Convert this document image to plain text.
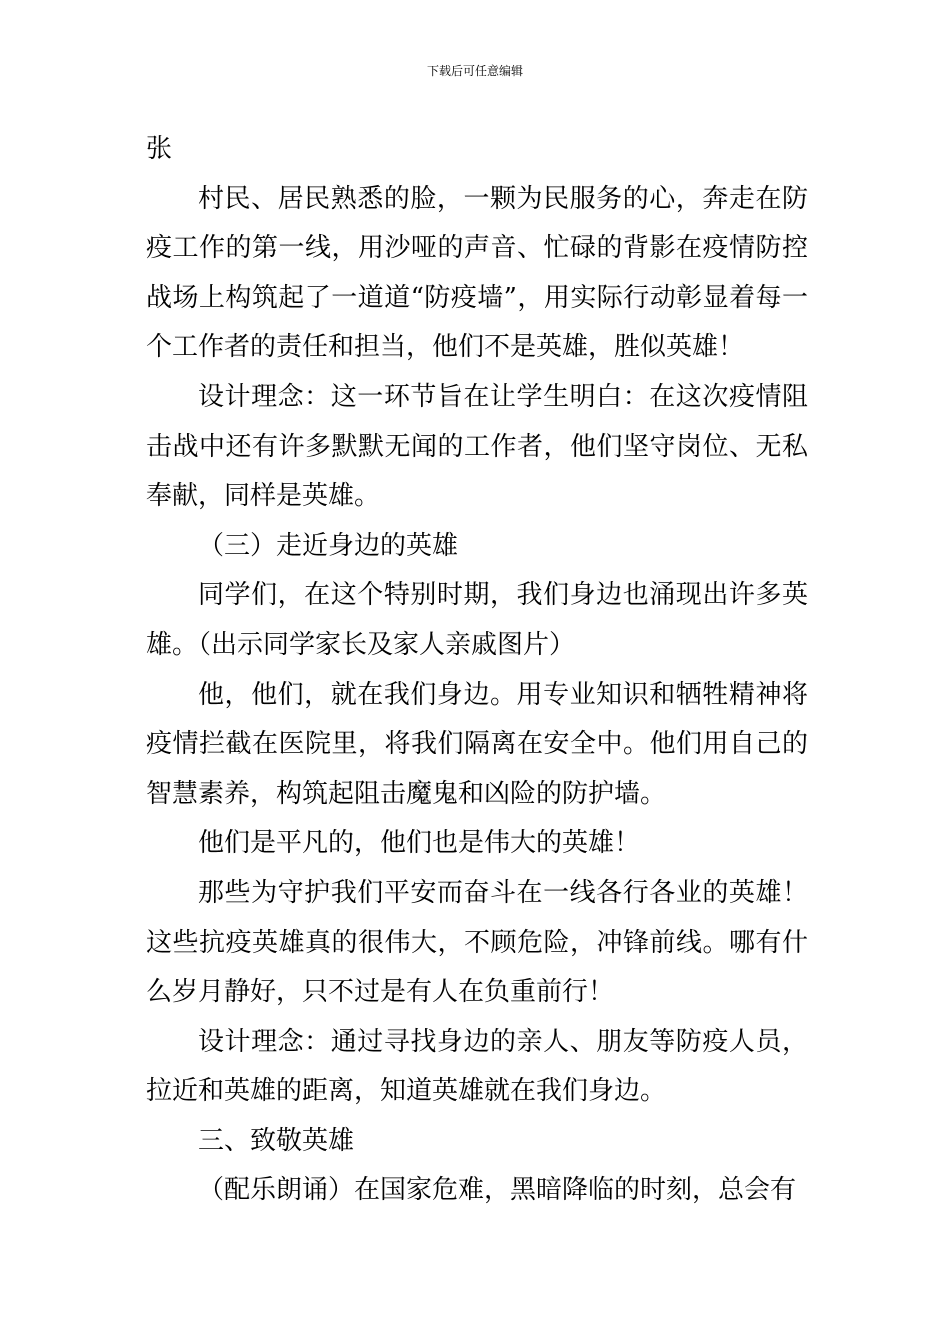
下载后可任意编辑

张

村民、居民熟悉的脸，一颗为民服务的心，奔走在防疫工作的第一线，用沙哑的声音、忙碌的背影在疫情防控战场上构筑起了一道道“防疫墙”，用实际行动彰显着每一个工作者的责任和担当，他们不是英雄，胜似英雄！

设计理念：这一环节旨在让学生明白：在这次疫情阻击战中还有许多默默无闻的工作者，他们坚守岗位、无私奉献，同样是英雄。

（三）走近身边的英雄

同学们，在这个特别时期，我们身边也涌现出许多英雄。（出示同学家长及家人亲戚图片）

他，他们，就在我们身边。用专业知识和牺牲精神将疫情拦截在医院里，将我们隔离在安全中。他们用自己的智慧素养，构筑起阻击魔鬼和凶险的防护墙。

他们是平凡的，他们也是伟大的英雄！

那些为守护我们平安而奋斗在一线各行各业的英雄！这些抗疫英雄真的很伟大，不顾危险，冲锋前线。哪有什么岁月静好，只不过是有人在负重前行！

设计理念：通过寻找身边的亲人、朋友等防疫人员，拉近和英雄的距离，知道英雄就在我们身边。

三、致敬英雄

（配乐朗诵）在国家危难，黑暗降临的时刻，总会有
